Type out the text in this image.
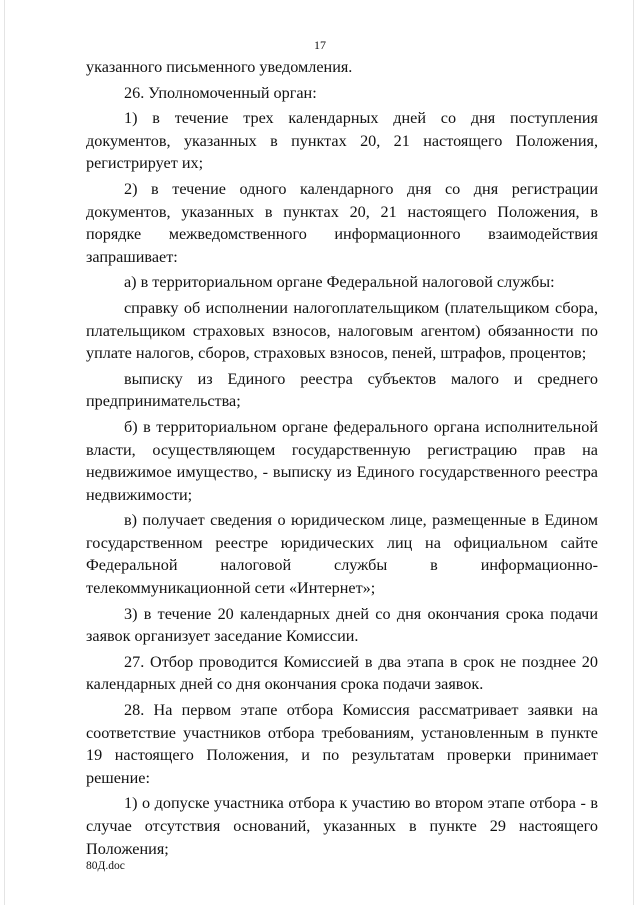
17

указанного письменного уведомления.

26. Уполномоченный орган:

1) в течение трех календарных дней со дня поступления документов, указанных в пунктах 20, 21 настоящего Положения, регистрирует их;

2) в течение одного календарного дня со дня регистрации документов, указанных в пунктах 20, 21 настоящего Положения, в порядке межведомственного информационного взаимодействия запрашивает:

а) в территориальном органе Федеральной налоговой службы:

справку об исполнении налогоплательщиком (плательщиком сбора, плательщиком страховых взносов, налоговым агентом) обязанности по уплате налогов, сборов, страховых взносов, пеней, штрафов, процентов;

выписку из Единого реестра субъектов малого и среднего предпринимательства;

б) в территориальном органе федерального органа исполнительной власти, осуществляющем государственную регистрацию прав на недвижимое имущество, - выписку из Единого государственного реестра недвижимости;

в) получает сведения о юридическом лице, размещенные в Едином государственном реестре юридических лиц на официальном сайте Федеральной налоговой службы в информационно-телекоммуникационной сети «Интернет»;

3) в течение 20 календарных дней со дня окончания срока подачи заявок организует заседание Комиссии.

27. Отбор проводится Комиссией в два этапа в срок не позднее 20 календарных дней со дня окончания срока подачи заявок.

28. На первом этапе отбора Комиссия рассматривает заявки на соответствие участников отбора требованиям, установленным в пункте 19 настоящего Положения, и по результатам проверки принимает решение:

1) о допуске участника отбора к участию во втором этапе отбора - в случае отсутствия оснований, указанных в пункте 29 настоящего Положения;

80Д.doc
